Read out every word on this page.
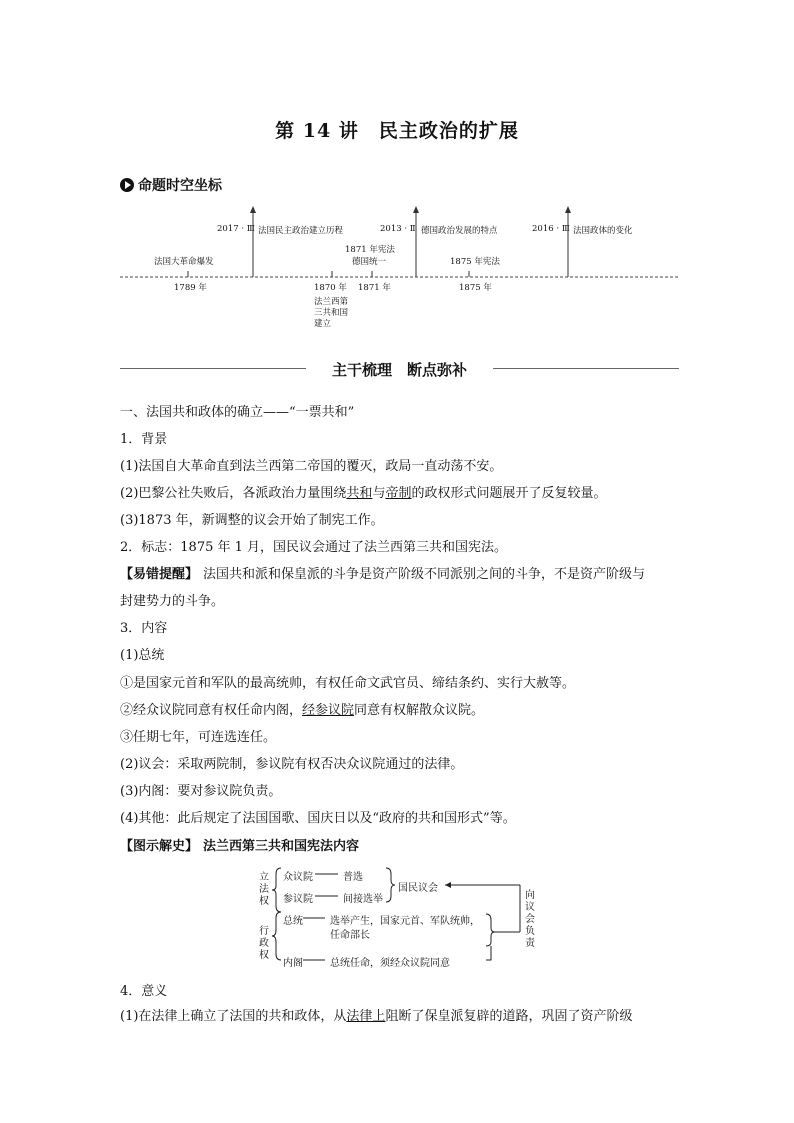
第 14 讲　民主政治的扩展
命题时空坐标
2017 · Ⅲ 法国民主政治建立历程	2013 · Ⅱ 德国政治发展的特点	2016 · Ⅲ 法国政体的变化
法国大革命爆发
1789 年	1870 年
法兰西第
三共和国
建立
1871 年宪法
德国统一
1871 年
1875 年宪法
1875 年
主干梳理　断点弥补
一、法国共和政体的确立——“一票共和”
1．背景
(1)法国自大革命直到法兰西第二帝国的覆灭，政局一直动荡不安。
(2)巴黎公社失败后，各派政治力量围绕共和与帝制的政权形式问题展开了反复较量。
(3)1873 年，新调整的议会开始了制宪工作。
2．标志：1875 年 1 月，国民议会通过了法兰西第三共和国宪法。
【易错提醒】 法国共和派和保皇派的斗争是资产阶级不同派别之间的斗争，不是资产阶级与
封建势力的斗争。
3．内容
(1)总统
①是国家元首和军队的最高统帅，有权任命文武官员、缔结条约、实行大赦等。
②经众议院同意有权任命内阁，经参议院同意有权解散众议院。
③任期七年，可连选连任。
(2)议会：采取两院制，参议院有权否决众议院通过的法律。
(3)内阁：要对参议院负责。
(4)其他：此后规定了法国国歌、国庆日以及“政府的共和国形式”等。
【图示解史】 法兰西第三共和国宪法内容
立
法
权
行
政
权
众议院	普选
参议院	间接选举
国民议会
总统	选举产生，国家元首、军队统帅，
任命部长
内阁	总统任命，须经众议院同意
向
议
会
负
责
4．意义
(1)在法律上确立了法国的共和政体，从法律上阻断了保皇派复辟的道路，巩固了资产阶级
